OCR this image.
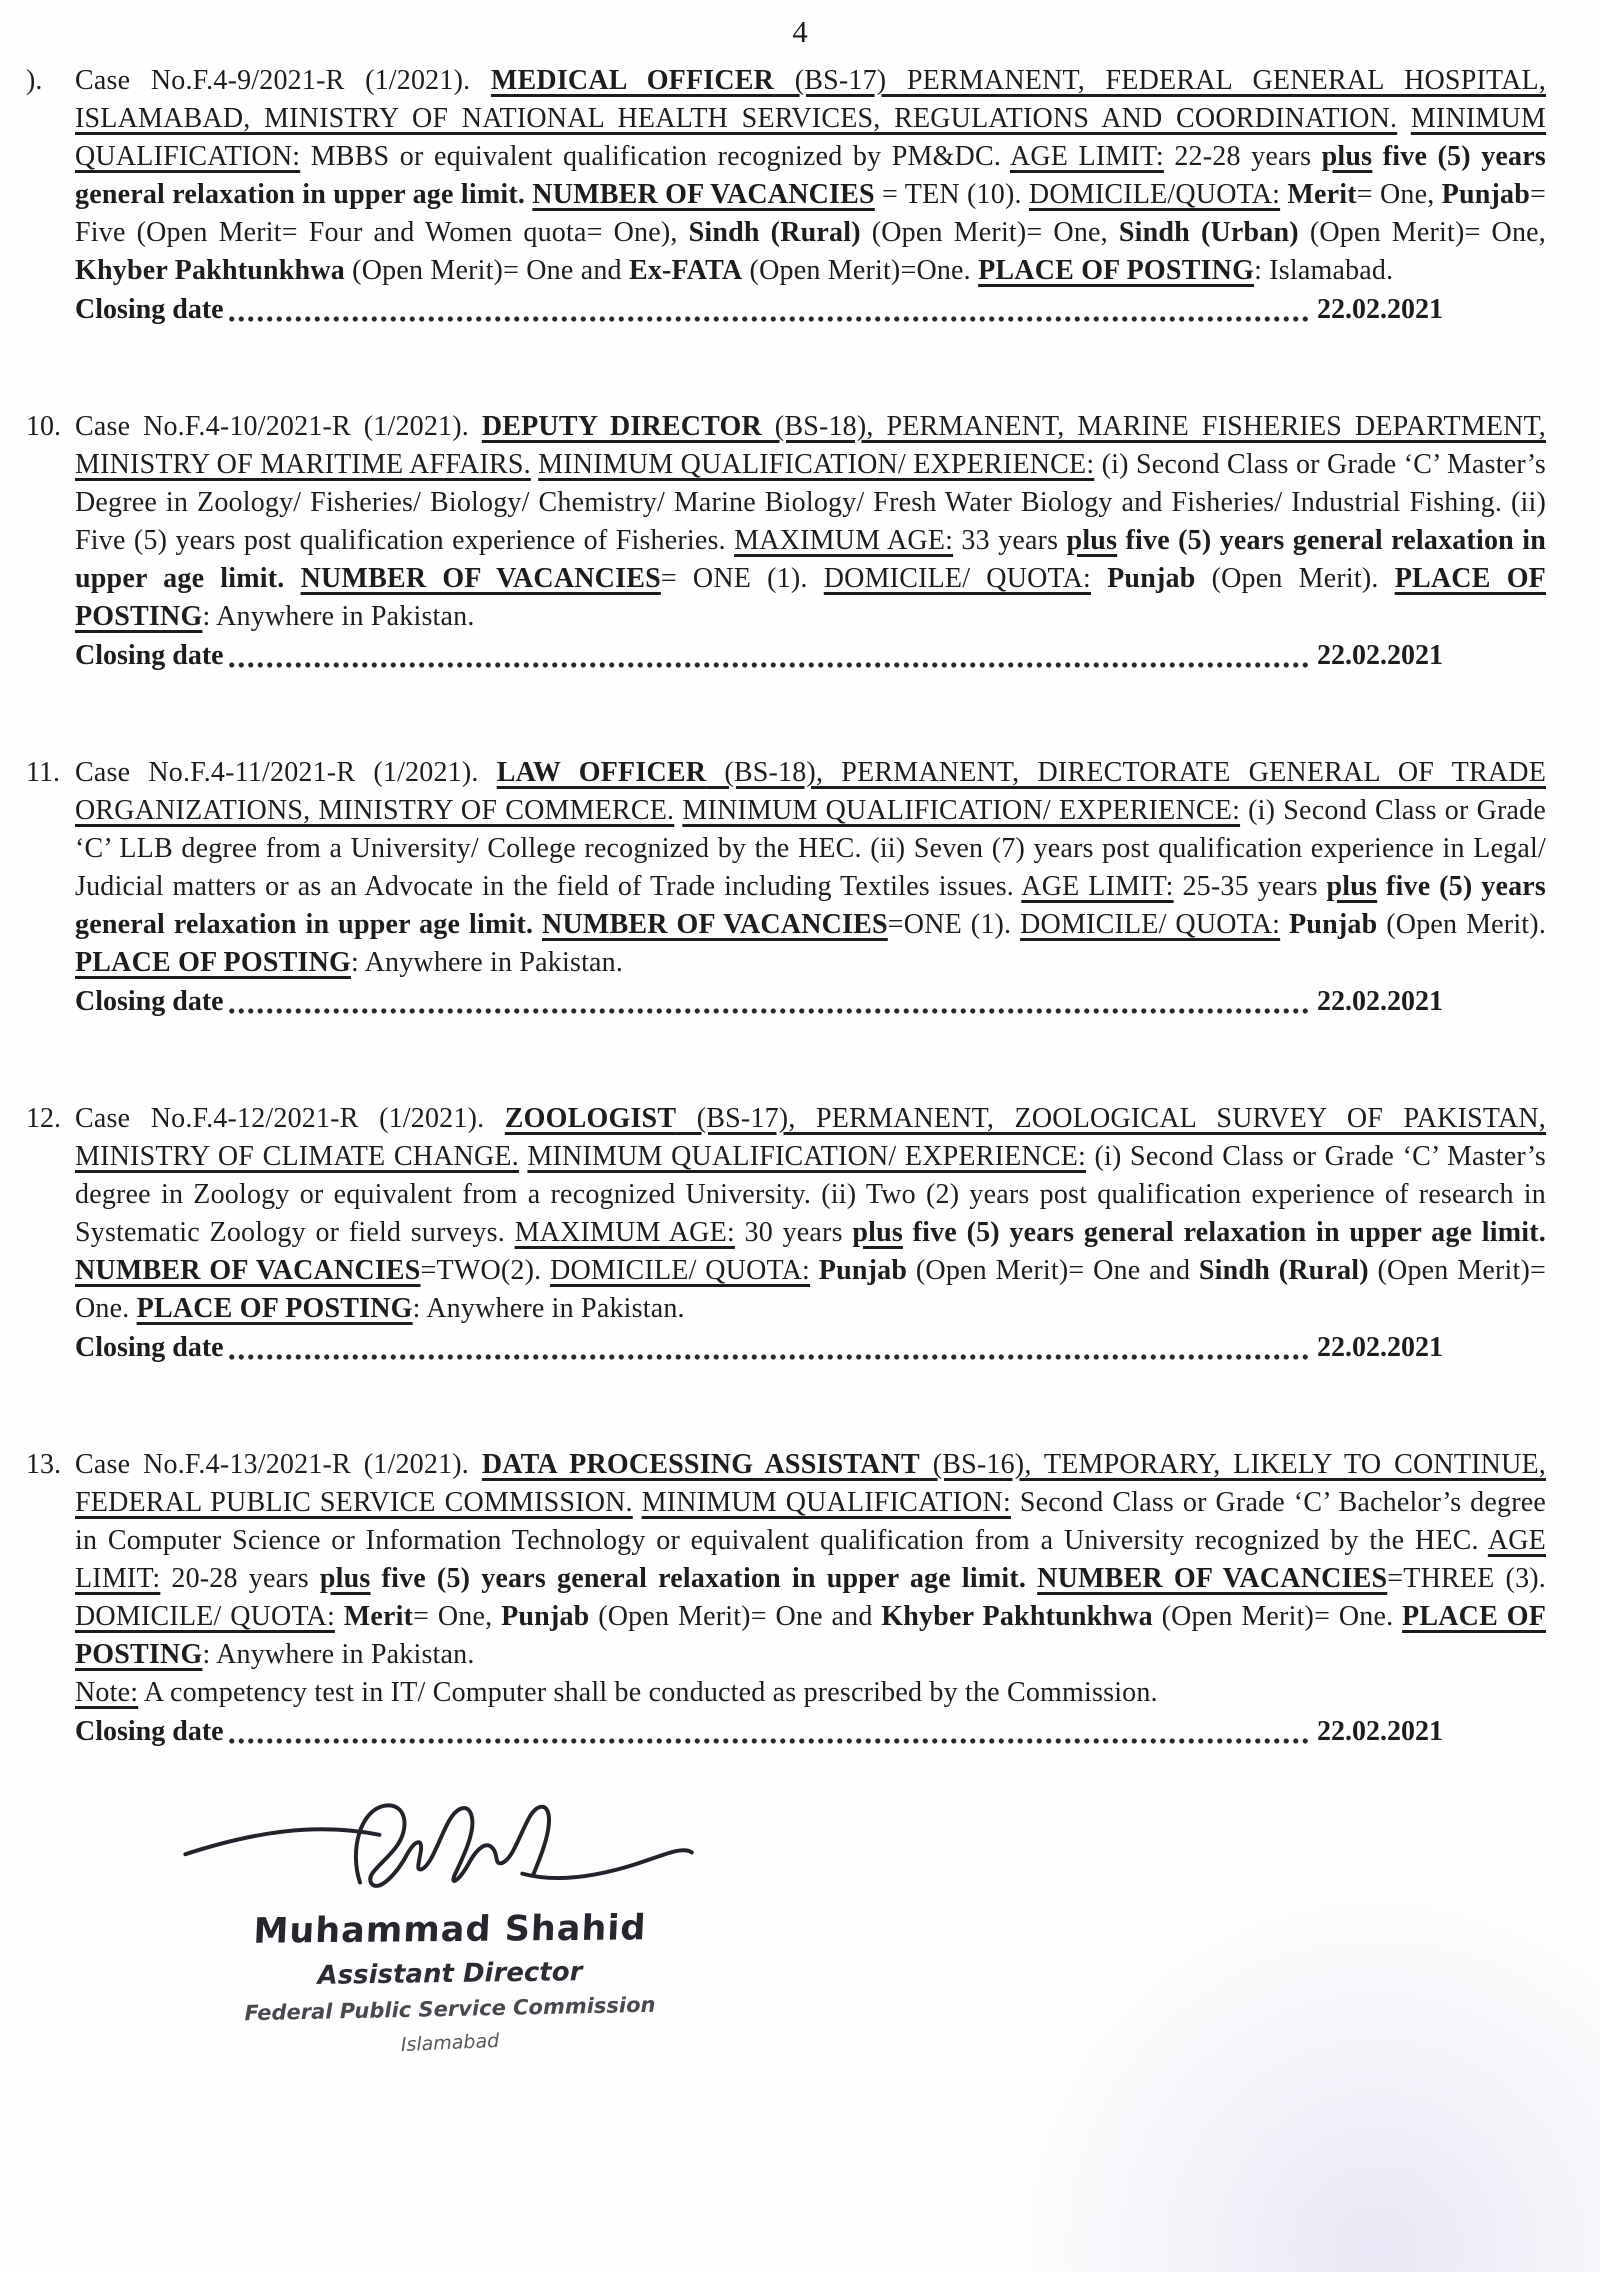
4
).	Case No.F.4-9/2021-R (1/2021). MEDICAL OFFICER (BS-17) PERMANENT, FEDERAL GENERAL HOSPITAL, ISLAMABAD, MINISTRY OF NATIONAL HEALTH SERVICES, REGULATIONS AND COORDINATION. MINIMUM QUALIFICATION: MBBS or equivalent qualification recognized by PM&DC. AGE LIMIT: 22-28 years plus five (5) years general relaxation in upper age limit. NUMBER OF VACANCIES = TEN (10). DOMICILE/QUOTA: Merit= One, Punjab= Five (Open Merit= Four and Women quota= One), Sindh (Rural) (Open Merit)= One, Sindh (Urban) (Open Merit)= One, Khyber Pakhtunkhwa (Open Merit)= One and Ex-FATA (Open Merit)=One. PLACE OF POSTING: Islamabad.

Closing date	22.02.2021
10. Case No.F.4-10/2021-R (1/2021). DEPUTY DIRECTOR (BS-18), PERMANENT, MARINE FISHERIES DEPARTMENT, MINISTRY OF MARITIME AFFAIRS. MINIMUM QUALIFICATION/ EXPERIENCE: (i) Second Class or Grade ‘C’ Master’s Degree in Zoology/ Fisheries/ Biology/ Chemistry/ Marine Biology/ Fresh Water Biology and Fisheries/ Industrial Fishing. (ii) Five (5) years post qualification experience of Fisheries. MAXIMUM AGE: 33 years plus five (5) years general relaxation in upper age limit. NUMBER OF VACANCIES= ONE (1). DOMICILE/ QUOTA: Punjab (Open Merit). PLACE OF POSTING: Anywhere in Pakistan.

Closing date	22.02.2021
11. Case No.F.4-11/2021-R (1/2021). LAW OFFICER (BS-18), PERMANENT, DIRECTORATE GENERAL OF TRADE ORGANIZATIONS, MINISTRY OF COMMERCE. MINIMUM QUALIFICATION/ EXPERIENCE: (i) Second Class or Grade ‘C’ LLB degree from a University/ College recognized by the HEC. (ii) Seven (7) years post qualification experience in Legal/ Judicial matters or as an Advocate in the field of Trade including Textiles issues. AGE LIMIT: 25-35 years plus five (5) years general relaxation in upper age limit. NUMBER OF VACANCIES=ONE (1). DOMICILE/ QUOTA: Punjab (Open Merit). PLACE OF POSTING: Anywhere in Pakistan.

Closing date	22.02.2021
12. Case No.F.4-12/2021-R (1/2021). ZOOLOGIST (BS-17), PERMANENT, ZOOLOGICAL SURVEY OF PAKISTAN, MINISTRY OF CLIMATE CHANGE. MINIMUM QUALIFICATION/ EXPERIENCE: (i) Second Class or Grade ‘C’ Master’s degree in Zoology or equivalent from a recognized University. (ii) Two (2) years post qualification experience of research in Systematic Zoology or field surveys. MAXIMUM AGE: 30 years plus five (5) years general relaxation in upper age limit. NUMBER OF VACANCIES=TWO(2). DOMICILE/ QUOTA: Punjab (Open Merit)= One and Sindh (Rural) (Open Merit)= One. PLACE OF POSTING: Anywhere in Pakistan.

Closing date	22.02.2021
13. Case No.F.4-13/2021-R (1/2021). DATA PROCESSING ASSISTANT (BS-16), TEMPORARY, LIKELY TO CONTINUE, FEDERAL PUBLIC SERVICE COMMISSION. MINIMUM QUALIFICATION: Second Class or Grade ‘C’ Bachelor’s degree in Computer Science or Information Technology or equivalent qualification from a University recognized by the HEC. AGE LIMIT: 20-28 years plus five (5) years general relaxation in upper age limit. NUMBER OF VACANCIES=THREE (3). DOMICILE/ QUOTA: Merit= One, Punjab (Open Merit)= One and Khyber Pakhtunkhwa (Open Merit)= One. PLACE OF POSTING: Anywhere in Pakistan.

Note: A competency test in IT/ Computer shall be conducted as prescribed by the Commission.

Closing date	22.02.2021
Muhammad Shahid
Assistant Director
Federal Public Service Commission
Islamabad
